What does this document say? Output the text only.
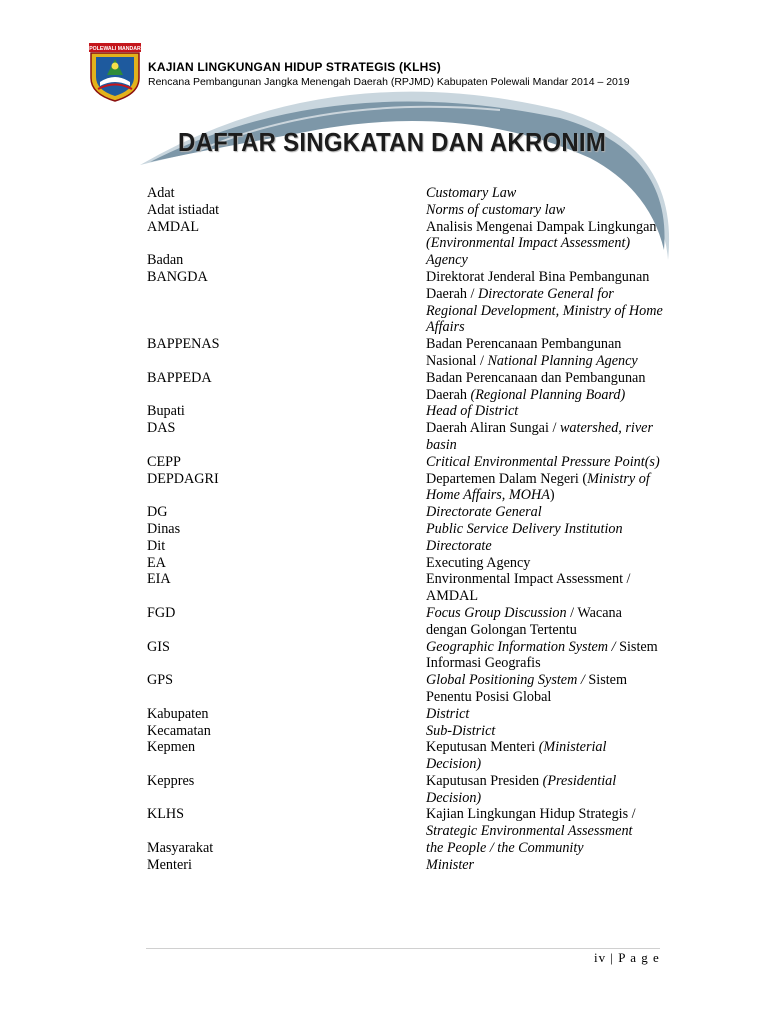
POLEWALI MANDAR
KAJIAN LINGKUNGAN HIDUP STRATEGIS (KLHS)
Rencana Pembangunan Jangka Menengah Daerah (RPJMD) Kabupaten Polewali Mandar 2014 – 2019
DAFTAR SINGKATAN DAN AKRONIM
Adat	Customary Law
Adat istiadat	Norms of customary law
AMDAL	Analisis Mengenai Dampak Lingkungan (Environmental Impact Assessment)
Badan	Agency
BANGDA	Direktorat Jenderal Bina Pembangunan Daerah / Directorate General for Regional Development, Ministry of Home Affairs
BAPPENAS	Badan Perencanaan Pembangunan Nasional / National Planning Agency
BAPPEDA	Badan Perencanaan dan Pembangunan Daerah (Regional Planning Board)
Bupati	Head of District
DAS	Daerah Aliran Sungai / watershed, river basin
CEPP	Critical Environmental Pressure Point(s)
DEPDAGRI	Departemen Dalam Negeri (Ministry of Home Affairs, MOHA)
DG	Directorate General
Dinas	Public Service Delivery Institution
Dit	Directorate
EA	Executing Agency
EIA	Environmental Impact Assessment / AMDAL
FGD	Focus Group Discussion / Wacana dengan Golongan Tertentu
GIS	Geographic Information System / Sistem Informasi Geografis
GPS	Global Positioning System / Sistem Penentu Posisi Global
Kabupaten	District
Kecamatan	Sub-District
Kepmen	Keputusan Menteri (Ministerial Decision)
Keppres	Kaputusan Presiden (Presidential Decision)
KLHS	Kajian Lingkungan Hidup Strategis / Strategic Environmental Assessment
Masyarakat	the People / the Community
Menteri	Minister
iv | P a g e
